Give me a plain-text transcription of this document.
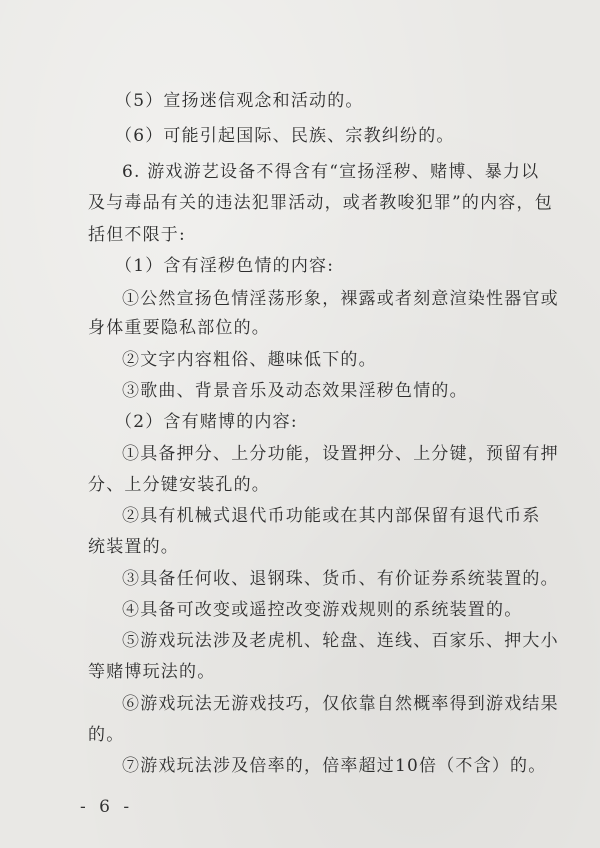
（5）宣扬迷信观念和活动的。
（6）可能引起国际、民族、宗教纠纷的。
6. 游戏游艺设备不得含有“宣扬淫秽、赌博、暴力以
及与毒品有关的违法犯罪活动，或者教唆犯罪”的内容，包
括但不限于:
（1）含有淫秽色情的内容:
①公然宣扬色情淫荡形象，裸露或者刻意渲染性器官或
身体重要隐私部位的。
②文字内容粗俗、趣味低下的。
③歌曲、背景音乐及动态效果淫秽色情的。
（2）含有赌博的内容:
①具备押分、上分功能，设置押分、上分键，预留有押
分、上分键安装孔的。
②具有机械式退代币功能或在其内部保留有退代币系
统装置的。
③具备任何收、退钢珠、货币、有价证券系统装置的。
④具备可改变或遥控改变游戏规则的系统装置的。
⑤游戏玩法涉及老虎机、轮盘、连线、百家乐、押大小
等赌博玩法的。
⑥游戏玩法无游戏技巧，仅依靠自然概率得到游戏结果
的。
⑦游戏玩法涉及倍率的，倍率超过10倍（不含）的。
- 6 -
